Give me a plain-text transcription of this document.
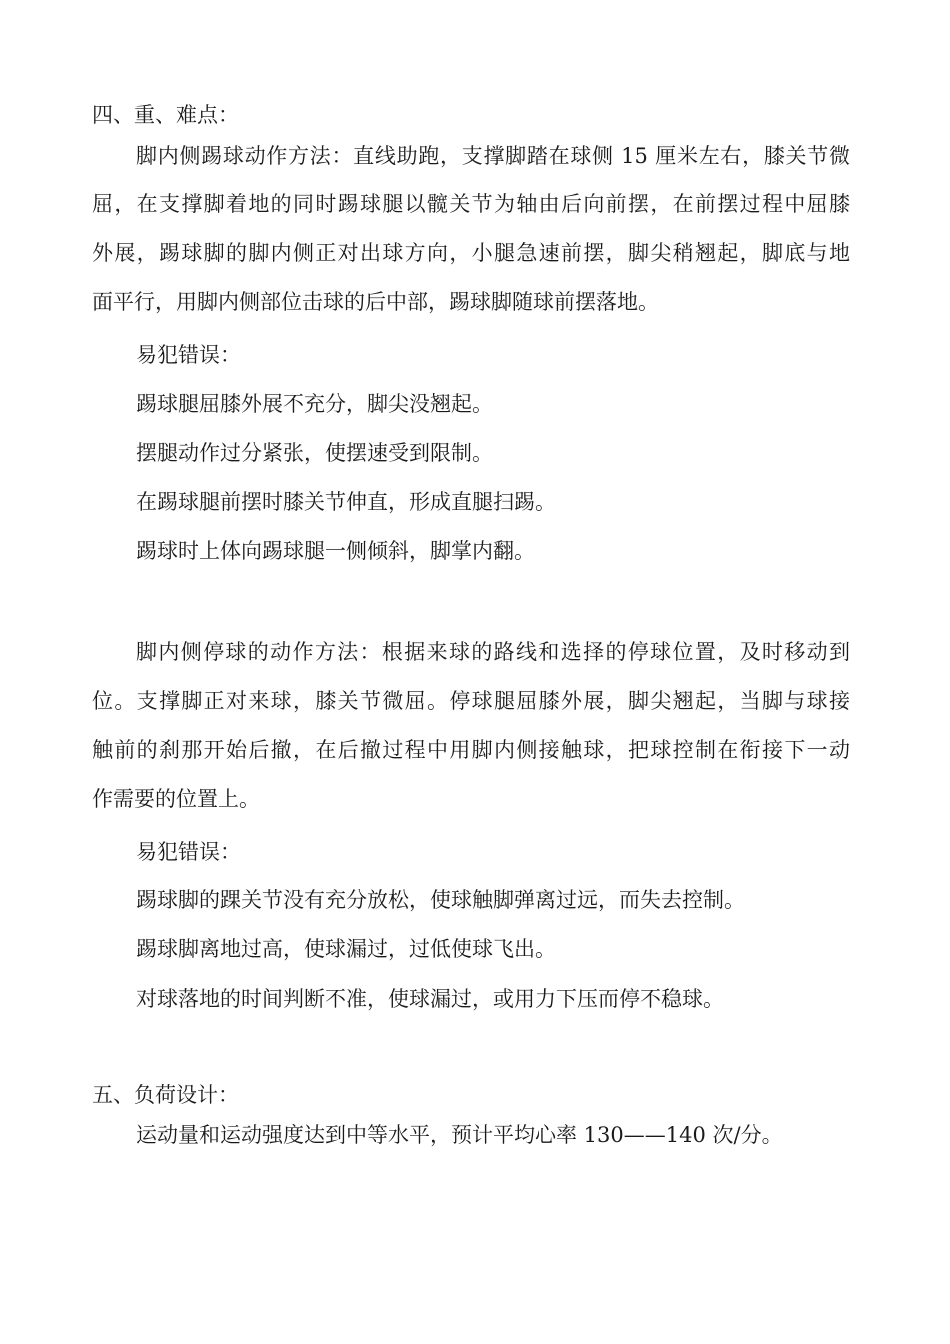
四、重、难点：
脚内侧踢球动作方法：直线助跑，支撑脚踏在球侧 15 厘米左右，膝关节微
屈，在支撑脚着地的同时踢球腿以髋关节为轴由后向前摆，在前摆过程中屈膝
外展，踢球脚的脚内侧正对出球方向，小腿急速前摆，脚尖稍翘起，脚底与地
面平行，用脚内侧部位击球的后中部，踢球脚随球前摆落地。
易犯错误：
踢球腿屈膝外展不充分，脚尖没翘起。
摆腿动作过分紧张，使摆速受到限制。
在踢球腿前摆时膝关节伸直，形成直腿扫踢。
踢球时上体向踢球腿一侧倾斜，脚掌内翻。
脚内侧停球的动作方法：根据来球的路线和选择的停球位置，及时移动到
位。支撑脚正对来球，膝关节微屈。停球腿屈膝外展，脚尖翘起，当脚与球接
触前的刹那开始后撤，在后撤过程中用脚内侧接触球，把球控制在衔接下一动
作需要的位置上。
易犯错误：
踢球脚的踝关节没有充分放松，使球触脚弹离过远，而失去控制。
踢球脚离地过高，使球漏过，过低使球飞出。
对球落地的时间判断不准，使球漏过，或用力下压而停不稳球。
五、负荷设计：
运动量和运动强度达到中等水平，预计平均心率 130——140 次/分。
